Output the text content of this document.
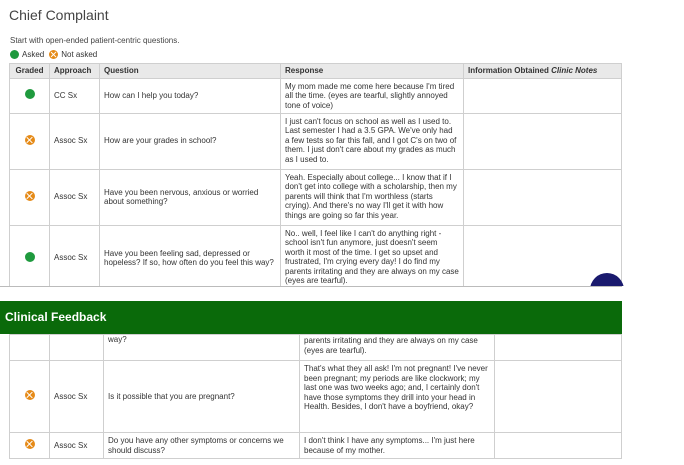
Chief Complaint
Start with open-ended patient-centric questions.
Asked Not asked
Graded	Approach	Question	Response	Information Obtained Clinic Notes
	CC Sx	How can I help you today?	My mom made me come here because I'm tired all the time. (eyes are tearful, slightly annoyed tone of voice)	
	Assoc Sx	How are your grades in school?	I just can't focus on school as well as I used to. Last semester I had a 3.5 GPA. We've only had a few tests so far this fall, and I got C's on two of them. I just don't care about my grades as much as I used to.	
	Assoc Sx	Have you been nervous, anxious or worried about something?	Yeah. Especially about college... I know that if I don't get into college with a scholarship, then my parents will think that I'm worthless (starts crying). And there's no way I'll get it with how things are going so far this year.	
	Assoc Sx	Have you been feeling sad, depressed or hopeless? If so, how often do you feel this way?	No.. well, I feel like I can't do anything right - school isn't fun anymore, just doesn't seem worth it most of the time. I get so upset and frustrated, I'm crying every day! I do find my parents irritating and they are always on my case (eyes are tearful).	
Clinical Feedback
		way?	parents irritating and they are always on my case (eyes are tearful).	
	Assoc Sx	Is it possible that you are pregnant?	That's what they all ask! I'm not pregnant! I've never been pregnant; my periods are like clockwork; my last one was two weeks ago; and, I certainly don't have those symptoms they drill into your head in Health. Besides, I don't have a boyfriend, okay?	
	Assoc Sx	Do you have any other symptoms or concerns we should discuss?	I don't think I have any symptoms... I'm just here because of my mother.	
